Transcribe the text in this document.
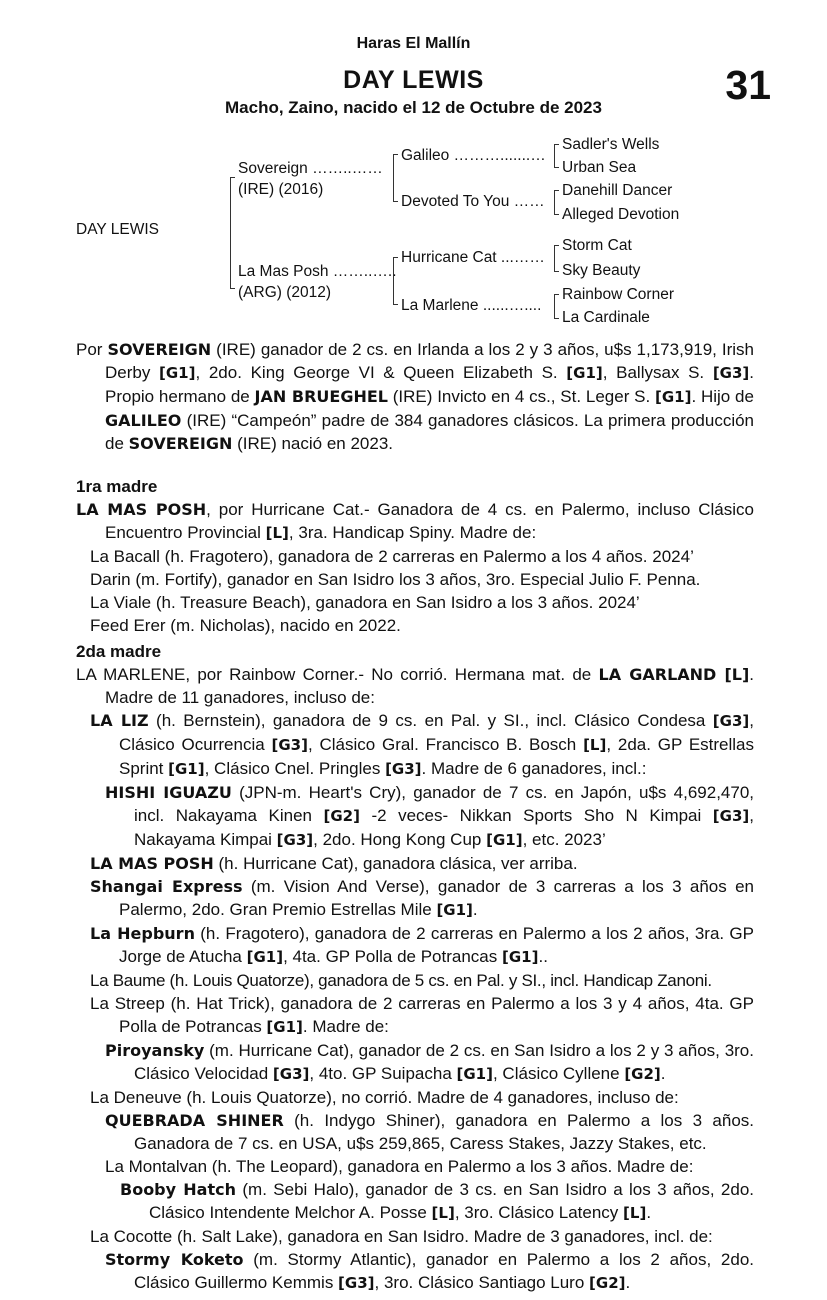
Haras El Mallín
DAY LEWIS	31
Macho, Zaino, nacido el 12 de Octubre de 2023
DAY LEWIS
Sovereign ……..……
(IRE) (2016)
La Mas Posh ……..…..
(ARG) (2012)
Galileo ……….......…
Devoted To You ……
Hurricane Cat ...……
La Marlene ......…....
Sadler's Wells
Urban Sea
Danehill Dancer
Alleged Devotion
Storm Cat
Sky Beauty
Rainbow Corner
La Cardinale

Por SOVEREIGN (IRE) ganador de 2 cs. en Irlanda a los 2 y 3 años, u$s 1,173,919, Irish Derby [G1], 2do. King George VI & Queen Elizabeth S. [G1], Ballysax S. [G3]. Propio hermano de JAN BRUEGHEL (IRE) Invicto en 4 cs., St. Leger S. [G1]. Hijo de GALILEO (IRE) “Campeón” padre de 384 ganadores clásicos. La primera producción de SOVEREIGN (IRE) nació en 2023.

1ra madre

LA MAS POSH, por Hurricane Cat.- Ganadora de 4 cs. en Palermo, incluso Clásico Encuentro Provincial [L], 3ra. Handicap Spiny. Madre de:

La Bacall (h. Fragotero), ganadora de 2 carreras en Palermo a los 4 años. 2024’

Darin (m. Fortify), ganador en San Isidro los 3 años, 3ro. Especial Julio F. Penna.

La Viale (h. Treasure Beach), ganadora en San Isidro a los 3 años. 2024’

Feed Erer (m. Nicholas), nacido en 2022.

2da madre

LA MARLENE, por Rainbow Corner.- No corrió. Hermana mat. de LA GARLAND [L]. Madre de 11 ganadores, incluso de:

LA LIZ (h. Bernstein), ganadora de 9 cs. en Pal. y SI., incl. Clásico Condesa [G3], Clásico Ocurrencia [G3], Clásico Gral. Francisco B. Bosch [L], 2da. GP Estrellas Sprint [G1], Clásico Cnel. Pringles [G3]. Madre de 6 ganadores, incl.:

HISHI IGUAZU (JPN-m. Heart's Cry), ganador de 7 cs. en Japón, u$s 4,692,470, incl. Nakayama Kinen [G2] -2 veces- Nikkan Sports Sho N Kimpai [G3], Nakayama Kimpai [G3], 2do. Hong Kong Cup [G1], etc. 2023’

LA MAS POSH (h. Hurricane Cat), ganadora clásica, ver arriba.

Shangai Express (m. Vision And Verse), ganador de 3 carreras a los 3 años en Palermo, 2do. Gran Premio Estrellas Mile [G1].

La Hepburn (h. Fragotero), ganadora de 2 carreras en Palermo a los 2 años, 3ra. GP Jorge de Atucha [G1], 4ta. GP Polla de Potrancas [G1]..

La Baume (h. Louis Quatorze), ganadora de 5 cs. en Pal. y SI., incl. Handicap Zanoni.

La Streep (h. Hat Trick), ganadora de 2 carreras en Palermo a los 3 y 4 años, 4ta. GP Polla de Potrancas [G1]. Madre de:

Piroyansky (m. Hurricane Cat), ganador de 2 cs. en San Isidro a los 2 y 3 años, 3ro. Clásico Velocidad [G3], 4to. GP Suipacha [G1], Clásico Cyllene [G2].

La Deneuve (h. Louis Quatorze), no corrió. Madre de 4 ganadores, incluso de:

QUEBRADA SHINER (h. Indygo Shiner), ganadora en Palermo a los 3 años. Ganadora de 7 cs. en USA, u$s 259,865, Caress Stakes, Jazzy Stakes, etc.

La Montalvan (h. The Leopard), ganadora en Palermo a los 3 años. Madre de:

Booby Hatch (m. Sebi Halo), ganador de 3 cs. en San Isidro a los 3 años, 2do. Clásico Intendente Melchor A. Posse [L], 3ro. Clásico Latency [L].

La Cocotte (h. Salt Lake), ganadora en San Isidro. Madre de 3 ganadores, incl. de:

Stormy Koketo (m. Stormy Atlantic), ganador en Palermo a los 2 años, 2do. Clásico Guillermo Kemmis [G3], 3ro. Clásico Santiago Luro [G2].
